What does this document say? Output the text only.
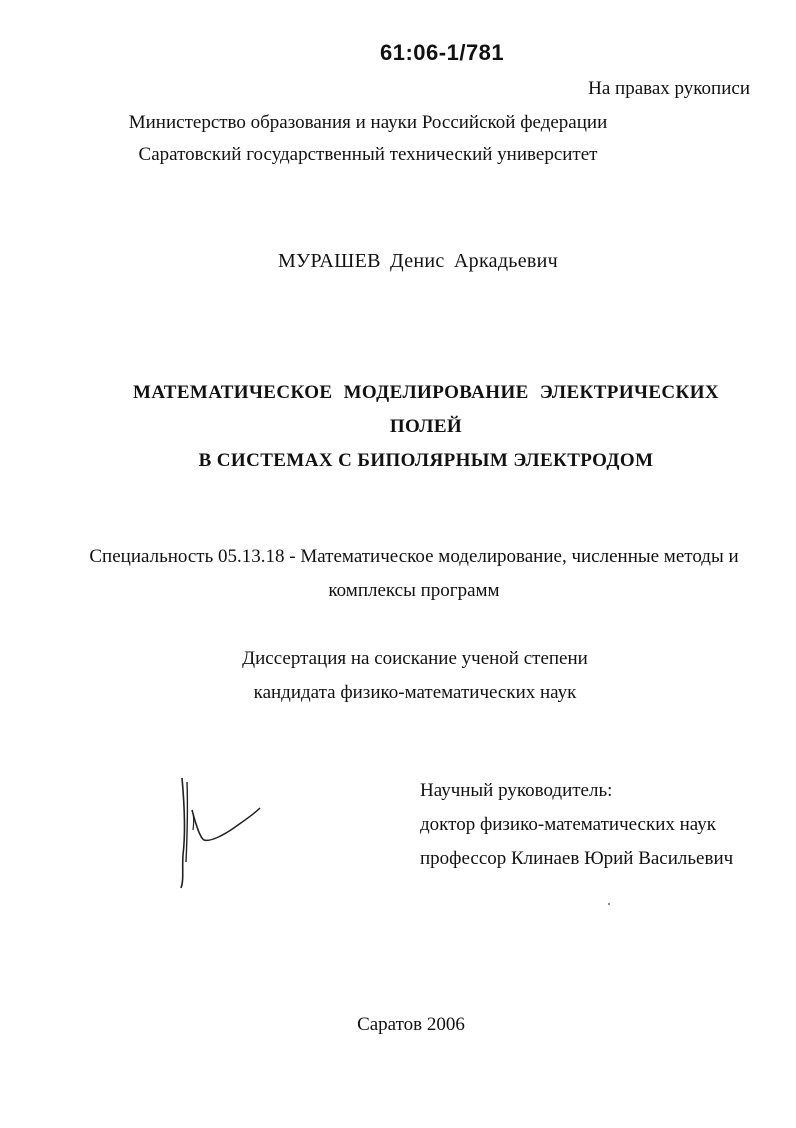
61:06-1/781
На правах рукописи
Министерство образования и науки Российской федерации
Саратовский государственный технический университет
МУРАШЕВ Денис Аркадьевич
МАТЕМАТИЧЕСКОЕ МОДЕЛИРОВАНИЕ ЭЛЕКТРИЧЕСКИХ
ПОЛЕЙ
В СИСТЕМАХ С БИПОЛЯРНЫМ ЭЛЕКТРОДОМ
Специальность 05.13.18 - Математическое моделирование, численные методы и
комплексы программ
Диссертация на соискание ученой степени
кандидата физико-математических наук
Научный руководитель:
доктор физико-математических наук
профессор Клинаев Юрий Васильевич
Саратов 2006
